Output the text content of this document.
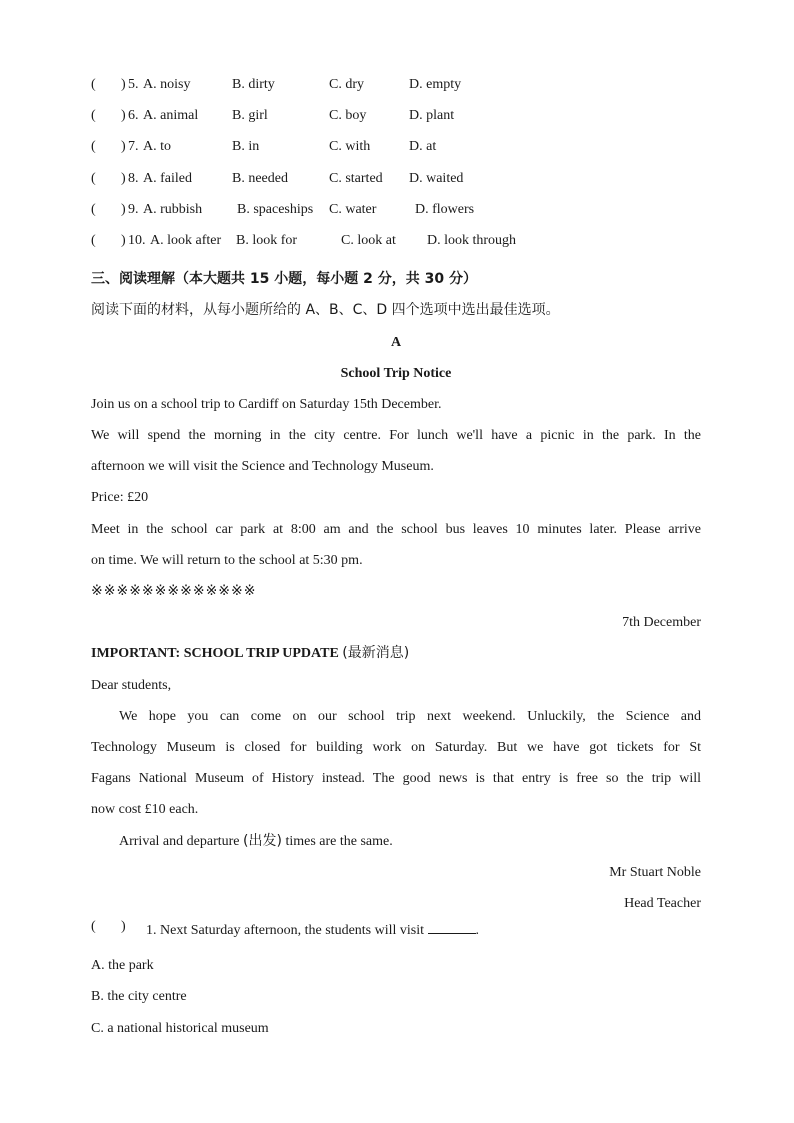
( ) 5. A. noisy	B. dirty	C. dry	D. empty
( ) 6. A. animal B. girl	C. boy	D. plant
( ) 7. A. to	B. in	C. with	D. at
( ) 8. A. failed	B. needed	C. started D. waited
( ) 9. A. rubbish B. spaceships C. water	D. flowers
( ) 10. A. look after B. look for	C. look at D. look through
三、阅读理解（本大题共 15 小题，每小题 2 分，共 30 分）
阅读下面的材料，从每小题所给的 A、B、C、D 四个选项中选出最佳选项。
A
School Trip Notice
Join us on a school trip to Cardiff on Saturday 15th December.
We will spend the morning in the city centre. For lunch we'll have a picnic in the park. In the
afternoon we will visit the Science and Technology Museum.
Price: £20
Meet in the school car park at 8:00 am and the school bus leaves 10 minutes later. Please arrive
on time. We will return to the school at 5:30 pm.
※※※※※※※※※※※※※
7th December
IMPORTANT: SCHOOL TRIP UPDATE (最新消息)
Dear students,
We hope you can come on our school trip next weekend. Unluckily, the Science and
Technology Museum is closed for building work on Saturday. But we have got tickets for St
Fagans National Museum of History instead. The good news is that entry is free so the trip will
now cost £10 each.
Arrival and departure (出发) times are the same.
Mr Stuart Noble
Head Teacher
( ) 1. Next Saturday afternoon, the students will visit	.
A. the park
B. the city centre
C. a national historical museum
